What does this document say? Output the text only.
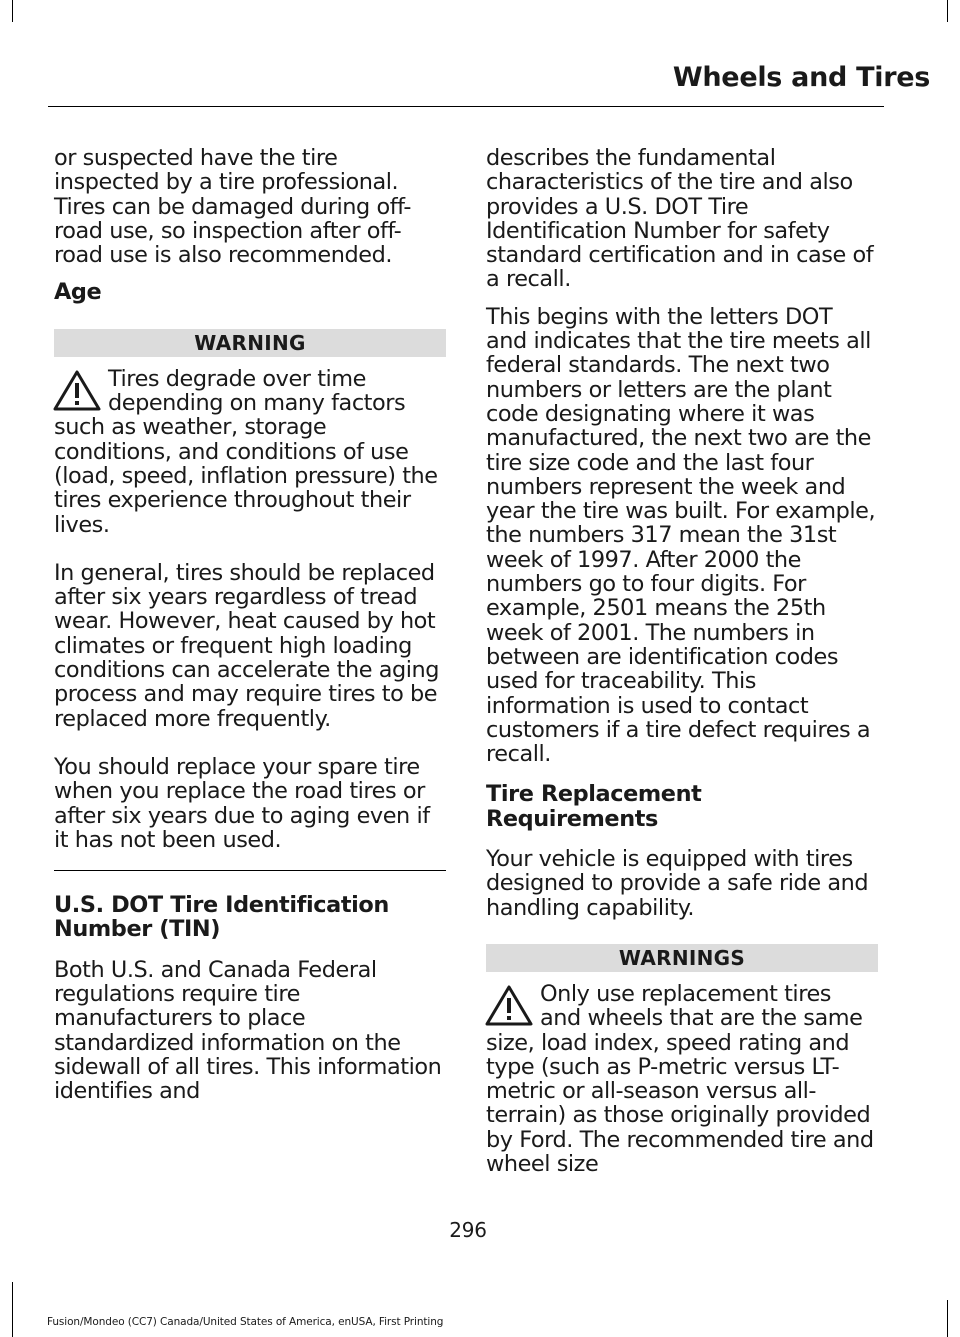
Wheels and Tires

or suspected have the tire inspected by a tire professional. Tires can be damaged during off-road use, so inspection after off-road use is also recommended.

Age
WARNING
Tires degrade over time depending on many factors such as weather, storage conditions, and conditions of use (load, speed, inflation pressure) the tires experience throughout their lives.

In general, tires should be replaced after six years regardless of tread wear. However, heat caused by hot climates or frequent high loading conditions can accelerate the aging process and may require tires to be replaced more frequently.

You should replace your spare tire when you replace the road tires or after six years due to aging even if it has not been used.

U.S. DOT Tire Identification Number (TIN)

Both U.S. and Canada Federal regulations require tire manufacturers to place standardized information on the sidewall of all tires. This information identifies and

describes the fundamental characteristics of the tire and also provides a U.S. DOT Tire Identification Number for safety standard certification and in case of a recall.

This begins with the letters DOT and indicates that the tire meets all federal standards. The next two numbers or letters are the plant code designating where it was manufactured, the next two are the tire size code and the last four numbers represent the week and year the tire was built. For example, the numbers 317 mean the 31st week of 1997. After 2000 the numbers go to four digits. For example, 2501 means the 25th week of 2001. The numbers in between are identification codes used for traceability. This information is used to contact customers if a tire defect requires a recall.

Tire Replacement Requirements

Your vehicle is equipped with tires designed to provide a safe ride and handling capability.

WARNINGS
Only use replacement tires and wheels that are the same size, load index, speed rating and type (such as P-metric versus LT-metric or all-season versus all-terrain) as those originally provided by Ford. The recommended tire and wheel size
296
Fusion/Mondeo (CC7) Canada/United States of America, enUSA, First Printing
